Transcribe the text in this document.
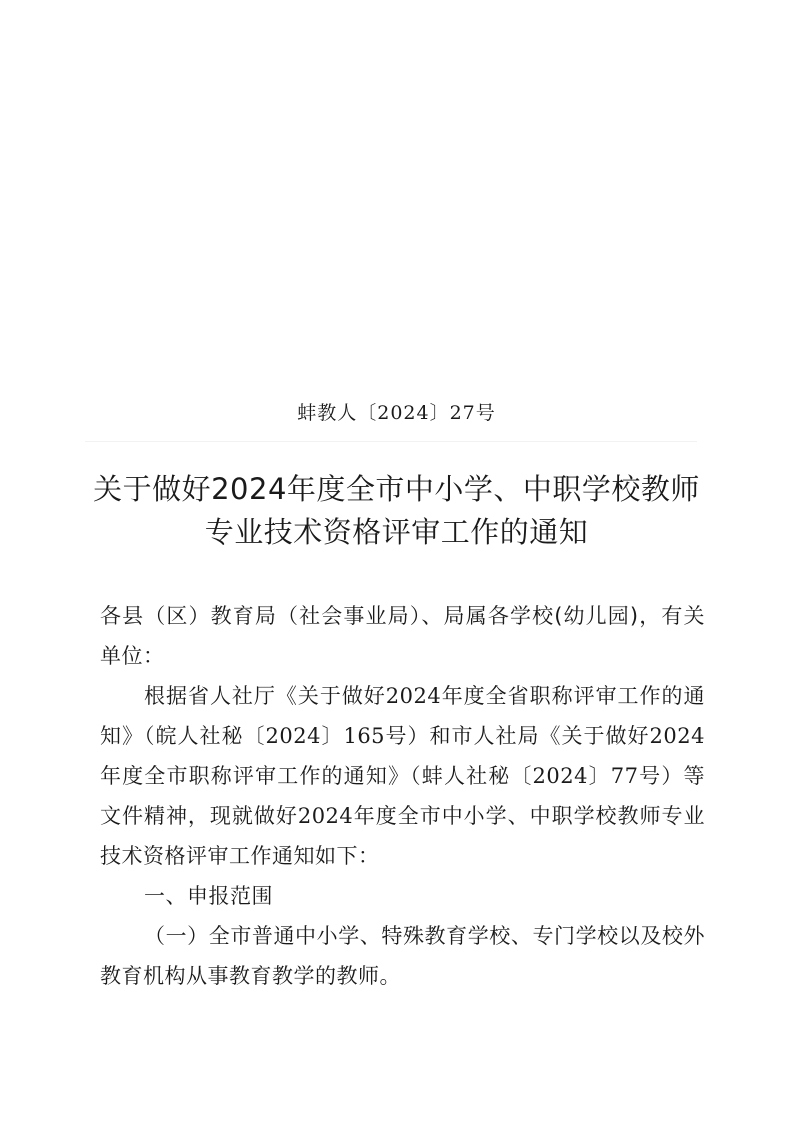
蚌教人〔2024〕27号
关于做好2024年度全市中小学、中职学校教师
专业技术资格评审工作的通知

各县（区）教育局（社会事业局）、局属各学校(幼儿园)，有关单位：

根据省人社厅《关于做好2024年度全省职称评审工作的通知》（皖人社秘〔2024〕165号）和市人社局《关于做好2024年度全市职称评审工作的通知》（蚌人社秘〔2024〕77号）等文件精神，现就做好2024年度全市中小学、中职学校教师专业技术资格评审工作通知如下：

一、申报范围

（一）全市普通中小学、特殊教育学校、专门学校以及校外教育机构从事教育教学的教师。
